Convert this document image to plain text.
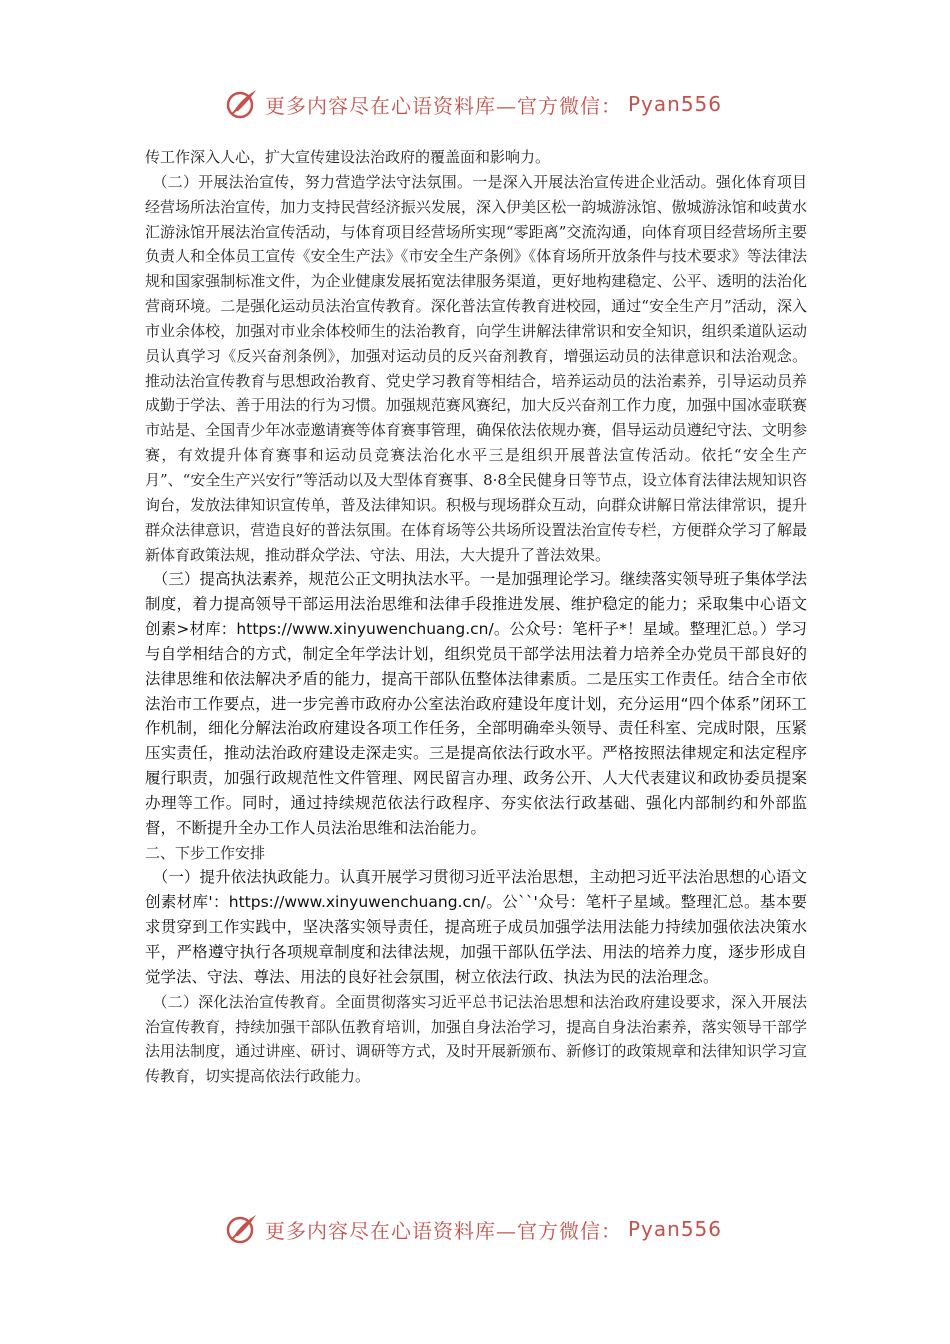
更多内容尽在心语资料库—官方微信： Pyan556

传工作深入人心，扩大宣传建设法治政府的覆盖面和影响力。

（二）开展法治宣传，努力营造学法守法氛围。一是深入开展法治宣传进企业活动。强化体育项目经营场所法治宣传，加力支持民营经济振兴发展，深入伊美区松一韵城游泳馆、傲城游泳馆和岐黄水汇游泳馆开展法治宣传活动，与体育项目经营场所实现“零距离”交流沟通，向体育项目经营场所主要负责人和全体员工宣传《安全生产法》《市安全生产条例》《体育场所开放条件与技术要求》等法律法规和国家强制标准文件，为企业健康发展拓宽法律服务渠道，更好地构建稳定、公平、透明的法治化营商环境。二是强化运动员法治宣传教育。深化普法宣传教育进校园，通过“安全生产月”活动，深入市业余体校，加强对市业余体校师生的法治教育，向学生讲解法律常识和安全知识，组织柔道队运动员认真学习《反兴奋剂条例》，加强对运动员的反兴奋剂教育，增强运动员的法律意识和法治观念。推动法治宣传教育与思想政治教育、党史学习教育等相结合，培养运动员的法治素养，引导运动员养成勤于学法、善于用法的行为习惯。加强规范赛风赛纪，加大反兴奋剂工作力度，加强中国冰壶联赛市站是、全国青少年冰壶邀请赛等体育赛事管理，确保依法依规办赛，倡导运动员遵纪守法、文明参赛，有效提升体育赛事和运动员竞赛法治化水平三是组织开展普法宣传活动。依托“安全生产月”、“安全生产兴安行”等活动以及大型体育赛事、8·8全民健身日等节点，设立体育法律法规知识咨询台，发放法律知识宣传单，普及法律知识。积极与现场群众互动，向群众讲解日常法律常识，提升群众法律意识，营造良好的普法氛围。在体育场等公共场所设置法治宣传专栏，方便群众学习了解最新体育政策法规，推动群众学法、守法、用法，大大提升了普法效果。

（三）提高执法素养，规范公正文明执法水平。一是加强理论学习。继续落实领导班子集体学法制度，着力提高领导干部运用法治思维和法律手段推进发展、维护稳定的能力；采取集中心语文创素>材库：https://www.xinyuwenchuang.cn/。公众号：笔杆子*！星域。整理汇总。）学习与自学相结合的方式，制定全年学法计划，组织党员干部学法用法着力培养全办党员干部良好的法律思维和依法解决矛盾的能力，提高干部队伍整体法律素质。二是压实工作责任。结合全市依法治市工作要点，进一步完善市政府办公室法治政府建设年度计划，充分运用“四个体系”闭环工作机制，细化分解法治政府建设各项工作任务，全部明确牵头领导、责任科室、完成时限，压紧压实责任，推动法治政府建设走深走实。三是提高依法行政水平。严格按照法律规定和法定程序履行职责，加强行政规范性文件管理、网民留言办理、政务公开、人大代表建议和政协委员提案办理等工作。同时，通过持续规范依法行政程序、夯实依法行政基础、强化内部制约和外部监督，不断提升全办工作人员法治思维和法治能力。

二、下步工作安排

（一）提升依法执政能力。认真开展学习贯彻习近平法治思想，主动把习近平法治思想的心语文创素材库'：https://www.xinyuwenchuang.cn/。公``'众号：笔杆子星域。整理汇总。基本要求贯穿到工作实践中，坚决落实领导责任，提高班子成员加强学法用法能力持续加强依法决策水平，严格遵守执行各项规章制度和法律法规，加强干部队伍学法、用法的培养力度，逐步形成自觉学法、守法、尊法、用法的良好社会氛围，树立依法行政、执法为民的法治理念。

（二）深化法治宣传教育。全面贯彻落实习近平总书记法治思想和法治政府建设要求，深入开展法治宣传教育，持续加强干部队伍教育培训，加强自身法治学习，提高自身法治素养，落实领导干部学法用法制度，通过讲座、研讨、调研等方式，及时开展新颁布、新修订的政策规章和法律知识学习宣传教育，切实提高依法行政能力。

更多内容尽在心语资料库—官方微信： Pyan556
